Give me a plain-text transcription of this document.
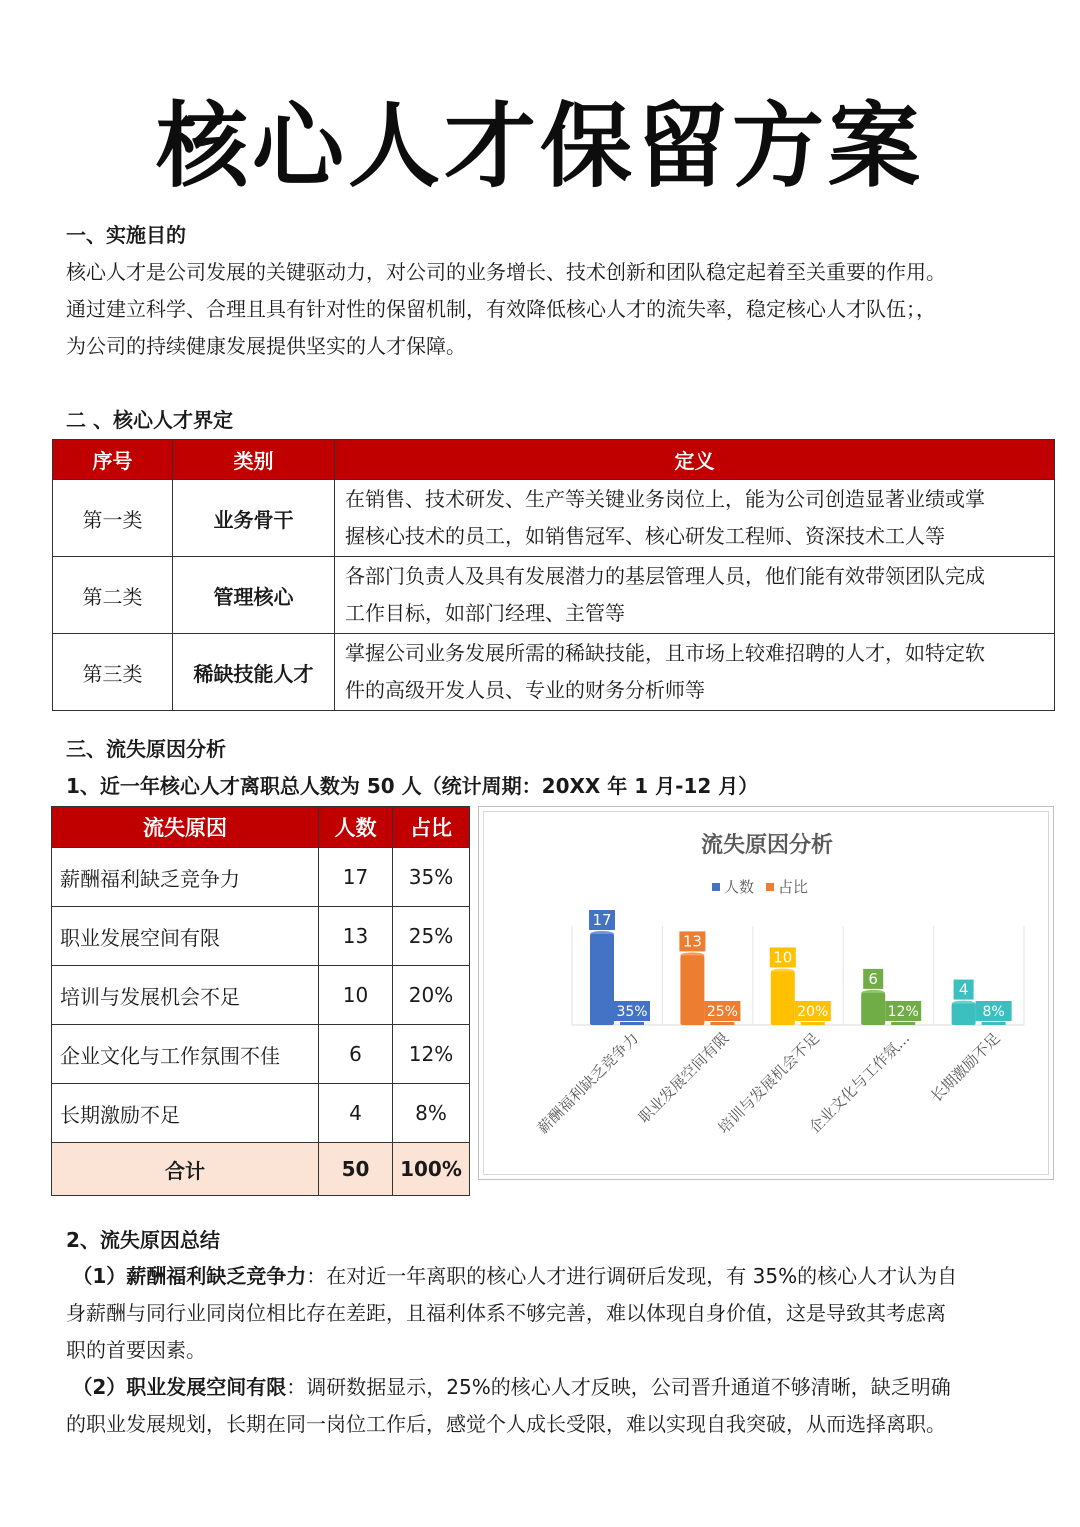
核心人才保留方案
一、实施目的
核心人才是公司发展的关键驱动力，对公司的业务增长、技术创新和团队稳定起着至关重要的作用。
通过建立科学、合理且具有针对性的保留机制，有效降低核心人才的流失率，稳定核心人才队伍；，
为公司的持续健康发展提供坚实的人才保障。
二 、核心人才界定
序号	类别	定义
第一类	业务骨干	在销售、技术研发、生产等关键业务岗位上，能为公司创造显著业绩或掌
握核心技术的员工，如销售冠军、核心研发工程师、资深技术工人等

第二类	管理核心	各部门负责人及具有发展潜力的基层管理人员，他们能有效带领团队完成
工作目标，如部门经理、主管等

第三类	稀缺技能人才	掌握公司业务发展所需的稀缺技能，且市场上较难招聘的人才，如特定软
件的高级开发人员、专业的财务分析师等
三、流失原因分析
1、近一年核心人才离职总人数为 50 人（统计周期：20XX 年 1 月-12 月）
流失原因	人数	占比
薪酬福利缺乏竞争力	17	35%
职业发展空间有限	13	25%
培训与发展机会不足	10	20%
企业文化与工作氛围不佳	6	12%
长期激励不足	4	8%
合计	50	100%
流失原因分析
人数 占比
17
35%
薪酬福利缺乏竞争力
13
25%
职业发展空间有限
10
20%
培训与发展机会不足
6
12%
企业文化与工作氛...
4
8%
长期激励不足
2、流失原因总结
（1）薪酬福利缺乏竞争力：在对近一年离职的核心人才进行调研后发现，有 35%的核心人才认为自
身薪酬与同行业同岗位相比存在差距，且福利体系不够完善，难以体现自身价值，这是导致其考虑离
职的首要因素。
（2）职业发展空间有限：调研数据显示，25%的核心人才反映，公司晋升通道不够清晰，缺乏明确
的职业发展规划，长期在同一岗位工作后，感觉个人成长受限，难以实现自我突破，从而选择离职。
